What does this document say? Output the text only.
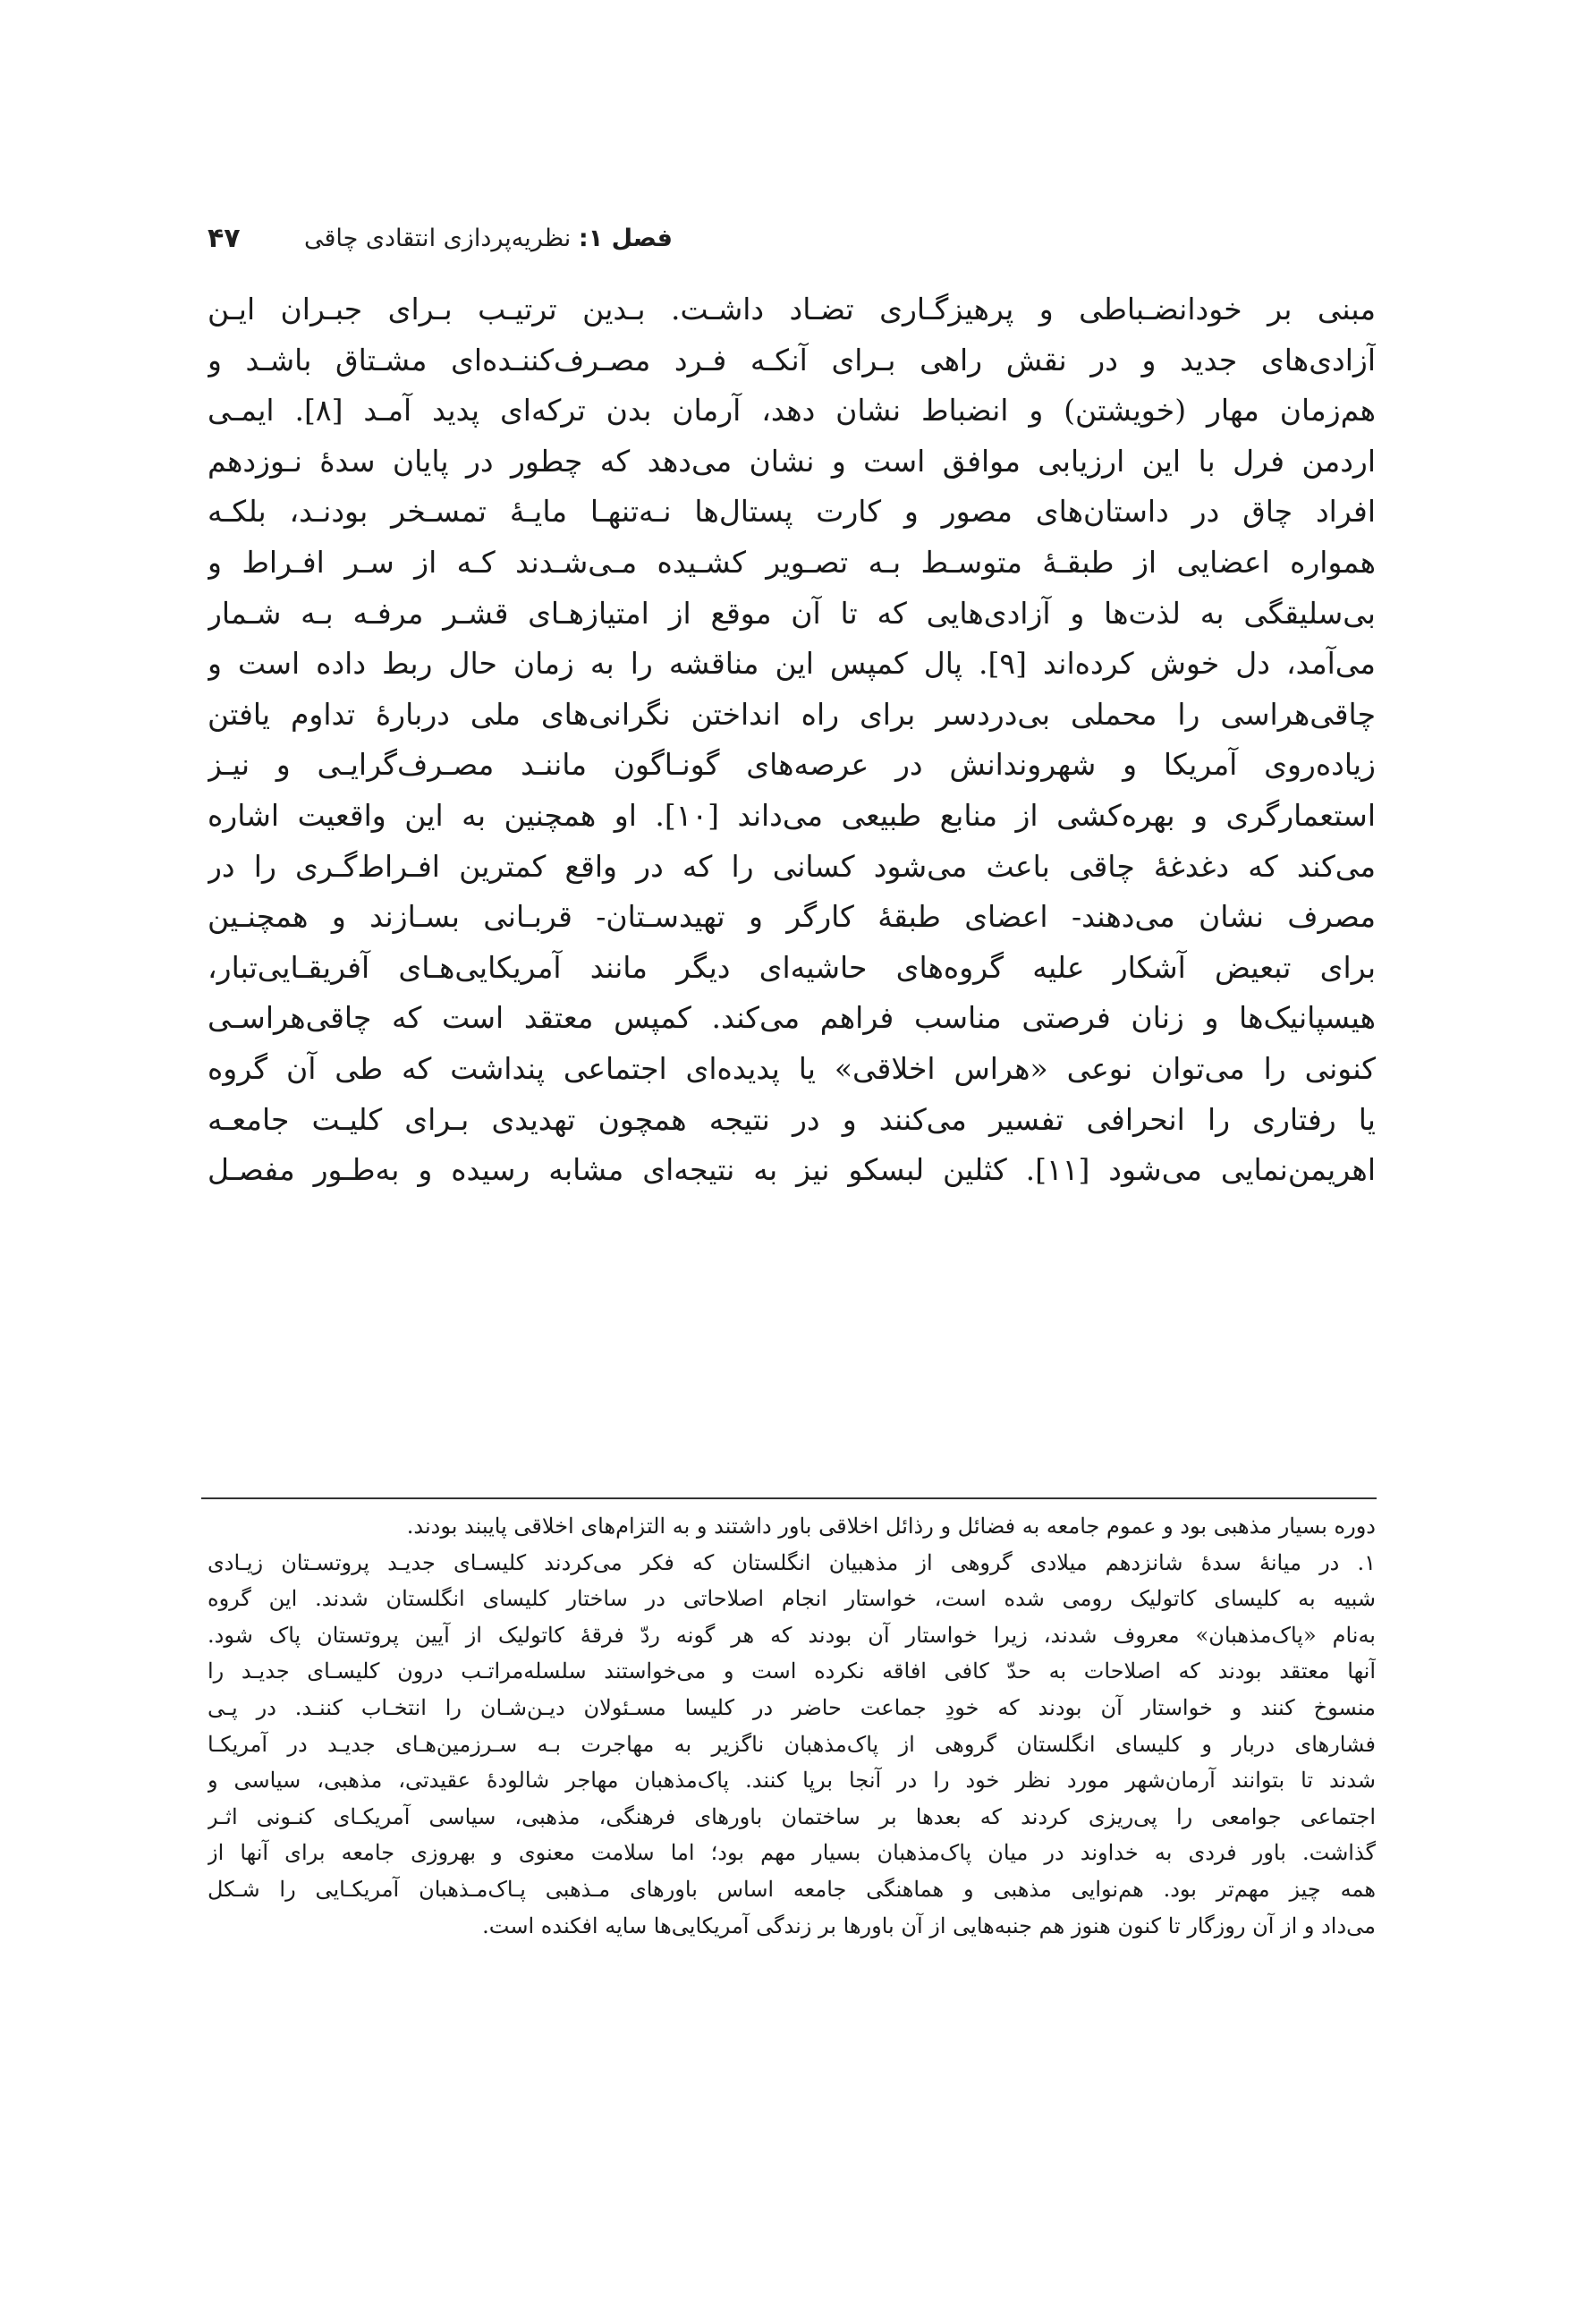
فصل ۱: نظریه‌پردازی انتقادی چاقی
۴۷
مبنی بر خودانضـباطی و پرهیزگـاری تضـاد داشـت. بـدین ترتیـب بـرای جبـران ایـن
آزادی‌های جدید و در نقش راهی بـرای آنکـه فـرد مصـرف‌کننـده‌ای مشـتاق باشـد و
هم‌زمان مهار (خویشتن) و انضباط نشان دهد، آرمان بدن ترکه‌ای پدید آمـد [۸]. ایمـی
اردمن فرل با این ارزیابی موافق است و نشان می‌دهد که چطور در پایان سدهٔ نـوزدهم
افراد چاق در داستان‌های مصور و کارت پستال‌ها نـه‌تنهـا مایـهٔ تمسـخر بودنـد، بلکـه
همواره اعضایی از طبقـهٔ متوسـط بـه تصـویر کشـیده مـی‌شـدند کـه از سـر افـراط و
بی‌سلیقگی به لذت‌ها و آزادی‌هایی که تا آن موقع از امتیازهـای قشـر مرفـه بـه شـمار
می‌آمد، دل خوش کرده‌اند [۹]. پال کمپس این مناقشه را به زمان حال ربط داده است و
چاقی‌هراسی را محملی بی‌دردسر برای راه انداختن نگرانی‌های ملی دربارهٔ تداوم یافتن
زیاده‌روی آمریکا و شهروندانش در عرصه‌های گونـاگون ماننـد مصـرف‌گرایـی و نیـز
استعمارگری و بهره‌کشی از منابع طبیعی می‌داند [۱۰]. او همچنین به این واقعیت اشاره
می‌کند که دغدغهٔ چاقی باعث می‌شود کسانی را که در واقع کمترین افـراط‌گـری را در
مصرف نشان می‌دهند- اعضای طبقهٔ کارگر و تهیدسـتان- قربـانی بسـازند و همچنـین
برای تبعیض آشکار علیه گروه‌های حاشیه‌ای دیگر مانند آمریکایی‌هـای آفریقـایی‌تبار،
هیسپانیک‌ها و زنان فرصتی مناسب فراهم می‌کند. کمپس معتقد است که چاقی‌هراسـی
کنونی را می‌توان نوعی «هراس اخلاقی» یا پدیده‌ای اجتماعی پنداشت که طی آن گروه
یا رفتاری را انحرافی تفسیر می‌کنند و در نتیجه همچون تهدیدی بـرای کلیـت جامعـه
اهریمن‌نمایی می‌شود [۱۱]. کثلین لبسکو نیز به نتیجه‌ای مشابه رسیده و به‌طـور مفصـل
دوره بسیار مذهبی بود و عموم جامعه به فضائل و رذائل اخلاقی باور داشتند و به التزام‌های اخلاقی پایبند بودند.
۱. در میانهٔ سدهٔ شانزدهم میلادی گروهی از مذهبیان انگلستان که فکر می‌کردند کلیسـای جدیـد پروتسـتان زیـادی
شبیه به کلیسای کاتولیک رومی شده است، خواستار انجام اصلاحاتی در ساختار کلیسای انگلستان شدند. این گروه
به‌نام «پاک‌مذهبان» معروف شدند، زیرا خواستار آن بودند که هر گونه ردّ فرقهٔ کاتولیک از آیین پروتستان پاک شود.
آنها معتقد بودند که اصلاحات به حدّ کافی افاقه نکرده است و می‌خواستند سلسله‌مراتـب درون کلیسـای جدیـد را
منسوخ کنند و خواستار آن بودند که خودِ جماعت حاضر در کلیسا مسـئولان دیـن‌شـان را انتخـاب کننـد. در پـی
فشارهای دربار و کلیسای انگلستان گروهی از پاک‌مذهبان ناگزیر به مهاجرت بـه سـرزمین‌هـای جدیـد در آمریکـا
شدند تا بتوانند آرمان‌شهر مورد نظر خود را در آنجا برپا کنند. پاک‌مذهبان مهاجر شالودهٔ عقیدتی، مذهبی، سیاسی و
اجتماعی جوامعی را پی‌ریزی کردند که بعدها بر ساختمان باورهای فرهنگی، مذهبی، سیاسی آمریکـای کنـونی اثـر
گذاشت. باور فردی به خداوند در میان پاک‌مذهبان بسیار مهم بود؛ اما سلامت معنوی و بهروزی جامعه برای آنها از
همه چیز مهم‌تر بود. هم‌نوایی مذهبی و هماهنگی جامعه اساس باورهای مـذهبی پـاک‌مـذهبان آمریکـایی را شـکل
می‌داد و از آن روزگار تا کنون هنوز هم جنبه‌هایی از آن باورها بر زندگی آمریکایی‌ها سایه افکنده است.
